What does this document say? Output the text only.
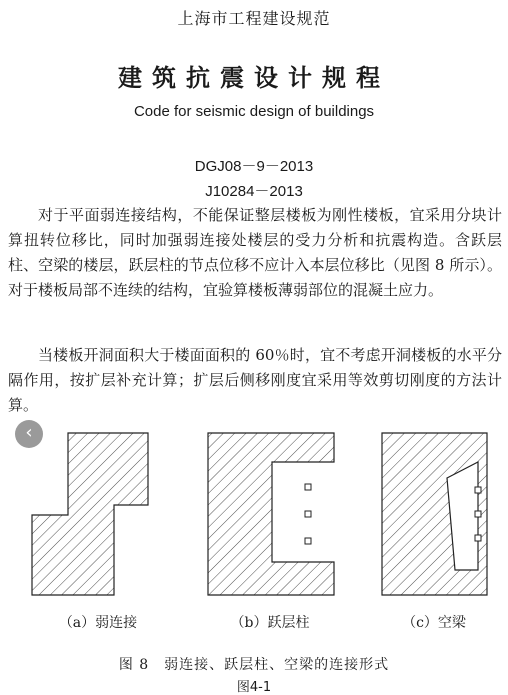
上海市工程建设规范
建筑抗震设计规程
Code for seismic design of buildings
DGJ08－9－2013
J10284－2013
对于平面弱连接结构，不能保证整层楼板为刚性楼板，宜采用分块计算扭转位移比，同时加强弱连接处楼层的受力分析和抗震构造。含跃层柱、空梁的楼层，跃层柱的节点位移不应计入本层位移比（见图 8 所示）。对于楼板局部不连续的结构，宜验算楼板薄弱部位的混凝土应力。
当楼板开洞面积大于楼面面积的 60％时，宜不考虑开洞楼板的水平分隔作用，按扩层补充计算；扩层后侧移刚度宜采用等效剪切刚度的方法计算。
‹
（a）弱连接	（b）跃层柱	（c）空梁
图 8　弱连接、跃层柱、空梁的连接形式
图4-1
